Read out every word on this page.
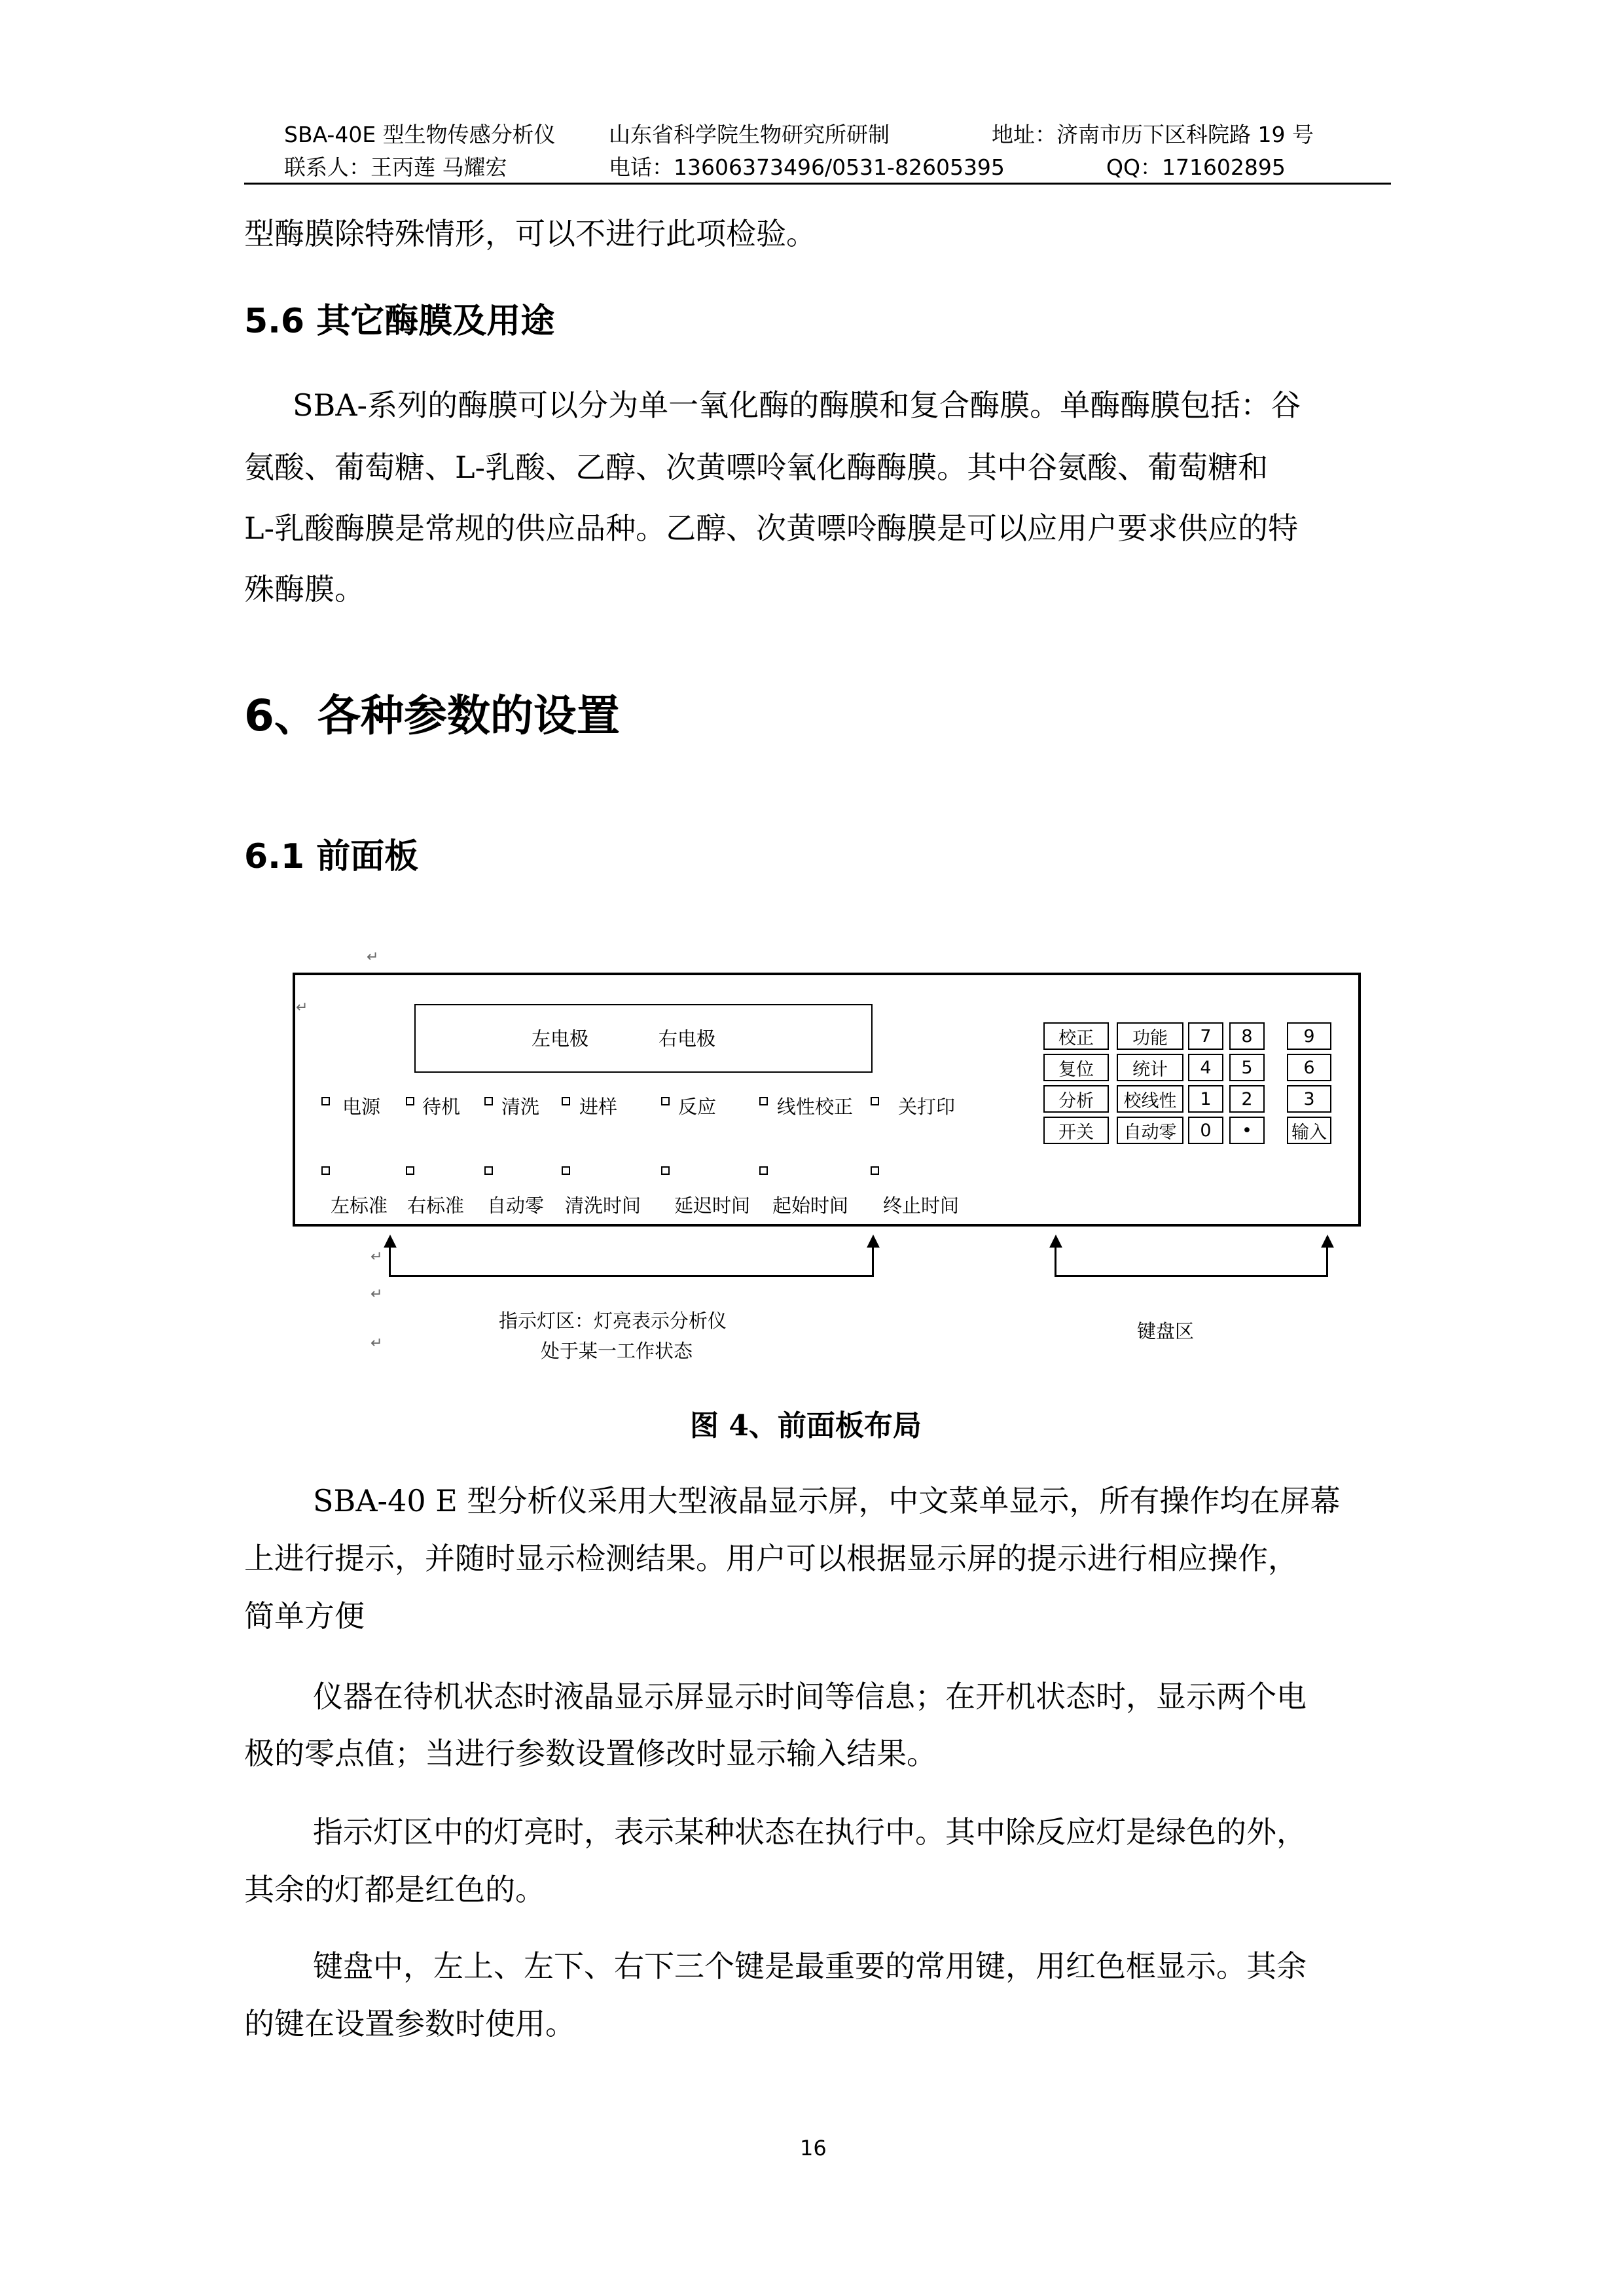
SBA-40E 型生物传感分析仪 山东省科学院生物研究所研制	地址：济南市历下区科院路 19 号
联系人：王丙莲 马耀宏	电话：13606373496/0531-82605395	QQ：171602895
型酶膜除特殊情形，可以不进行此项检验。
5.6 其它酶膜及用途
SBA-系列的酶膜可以分为单一氧化酶的酶膜和复合酶膜。单酶酶膜包括：谷
氨酸、葡萄糖、L-乳酸、乙醇、次黄嘌呤氧化酶酶膜。其中谷氨酸、葡萄糖和
L-乳酸酶膜是常规的供应品种。乙醇、次黄嘌呤酶膜是可以应用户要求供应的特
殊酶膜。
6、各种参数的设置
6.1 前面板
↵
↵
左电极	右电极
电源 待机 清洗 进样	反应	线性校正 关打印
左标准 右标准 自动零 清洗时间 延迟时间 起始时间 终止时间
校正	功能	7	8	9
复位	统计	4	5	6
分析	校线性	1	2	3
开关	自动零	0	•	输入
▲	▲	▲	▲
↵
↵
↵
指示灯区：灯亮表示分析仪
处于某一工作状态
键盘区
图 4、前面板布局
SBA-40 E 型分析仪采用大型液晶显示屏，中文菜单显示，所有操作均在屏幕
上进行提示，并随时显示检测结果。用户可以根据显示屏的提示进行相应操作，
简单方便
仪器在待机状态时液晶显示屏显示时间等信息；在开机状态时，显示两个电
极的零点值；当进行参数设置修改时显示输入结果。
指示灯区中的灯亮时，表示某种状态在执行中。其中除反应灯是绿色的外，
其余的灯都是红色的。
键盘中，左上、左下、右下三个键是最重要的常用键，用红色框显示。其余
的键在设置参数时使用。
16
